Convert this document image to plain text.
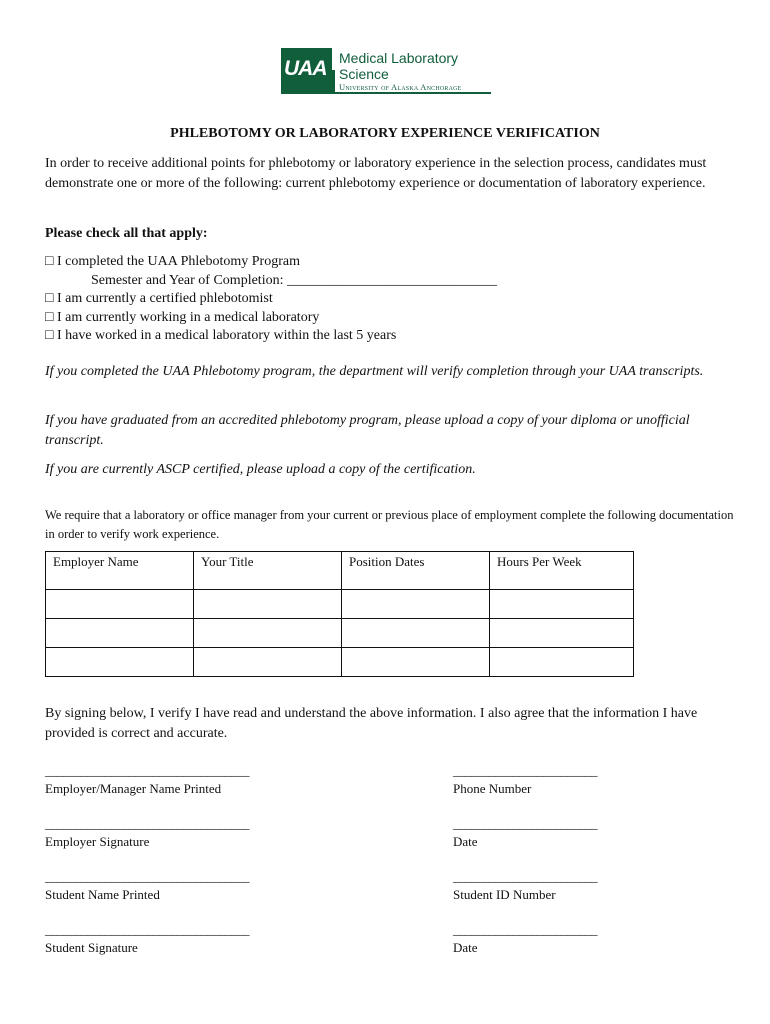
UAA Medical Laboratory
Science
University of Alaska Anchorage
PHLEBOTOMY OR LABORATORY EXPERIENCE VERIFICATION
In order to receive additional points for phlebotomy or laboratory experience in the selection process, candidates must demonstrate one or more of the following: current phlebotomy experience or documentation of laboratory experience.
Please check all that apply:
□ I completed the UAA Phlebotomy Program
Semester and Year of Completion: ______________________________
□ I am currently a certified phlebotomist
□ I am currently working in a medical laboratory
□ I have worked in a medical laboratory within the last 5 years
If you completed the UAA Phlebotomy program, the department will verify completion through your UAA transcripts.
If you have graduated from an accredited phlebotomy program, please upload a copy of your diploma or unofficial transcript.
If you are currently ASCP certified, please upload a copy of the certification.
We require that a laboratory or office manager from your current or previous place of employment complete the following documentation in order to verify work experience.
Employer Name	Your Title	Position Dates	Hours Per Week

By signing below, I verify I have read and understand the above information. I also agree that the information I have provided is correct and accurate.
__________________________________
Employer/Manager Name Printed
________________________
Phone Number
__________________________________
Employer Signature
________________________
Date
__________________________________
Student Name Printed
________________________
Student ID Number
__________________________________
Student Signature
________________________
Date
